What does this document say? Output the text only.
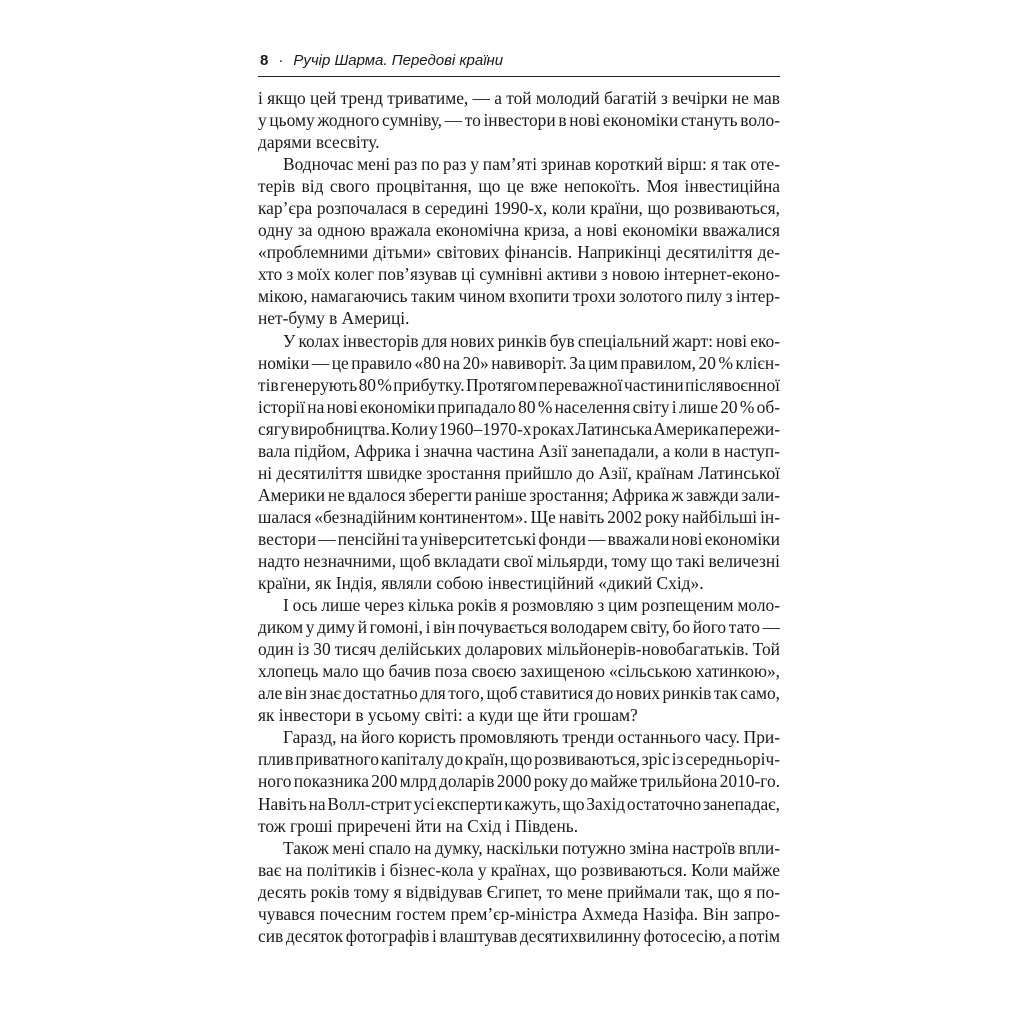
8 · Ручір Шарма. Передові країни

і якщо цей тренд триватиме, — а той молодий багатій з вечірки не мав
у цьому жодного сумніву, — то інвестори в нові економіки стануть воло-
дарями всесвіту.

Водночас мені раз по раз у пам’яті зринав короткий вірш: я так оте-
терів від свого процвітання, що це вже непокоїть. Моя інвестиційна
кар’єра розпочалася в середині 1990-х, коли країни, що розвиваються,
одну за одною вражала економічна криза, а нові економіки вважалися
«проблемними дітьми» світових фінансів. Наприкінці десятиліття де-
хто з моїх колег пов’язував ці сумнівні активи з новою інтернет-еконо-
мікою, намагаючись таким чином вхопити трохи золотого пилу з інтер-
нет-буму в Америці.

У колах інвесторів для нових ринків був спеціальний жарт: нові еко-
номіки — це правило «80 на 20» навиворіт. За цим правилом, 20 % клієн-
тів генерують 80 % прибутку. Протягом переважної частини післявоєнної
історії на нові економіки припадало 80 % населення світу і лише 20 % об-
сягу виробництва. Коли у 1960–1970-х роках Латинська Америка пережи-
вала підйом, Африка і значна частина Азії занепадали, а коли в наступ-
ні десятиліття швидке зростання прийшло до Азії, країнам Латинської
Америки не вдалося зберегти раніше зростання; Африка ж завжди зали-
шалася «безнадійним континентом». Ще навіть 2002 року найбільші ін-
вестори — пенсійні та університетські фонди — вважали нові економіки
надто незначними, щоб вкладати свої мільярди, тому що такі величезні
країни, як Індія, являли собою інвестиційний «дикий Схід».

І ось лише через кілька років я розмовляю з цим розпещеним моло-
диком у диму й гомоні, і він почувається володарем світу, бо його тато —
один із 30 тисяч делійських доларових мільйонерів-новобагатьків. Той
хлопець мало що бачив поза своєю захищеною «сільською хатинкою»,
але він знає достатньо для того, щоб ставитися до нових ринків так само,
як інвестори в усьому світі: а куди ще йти грошам?

Гаразд, на його користь промовляють тренди останнього часу. При-
плив приватного капіталу до країн, що розвиваються, зріс із середньоріч-
ного показника 200 млрд доларів 2000 року до майже трильйона 2010-го.
Навіть на Волл-стрит усі експерти кажуть, що Захід остаточно занепадає,
тож гроші приречені йти на Схід і Південь.

Також мені спало на думку, наскільки потужно зміна настроїв впли-
ває на політиків і бізнес-кола у країнах, що розвиваються. Коли майже
десять років тому я відвідував Єгипет, то мене приймали так, що я по-
чувався почесним гостем прем’єр-міністра Ахмеда Назіфа. Він запро-
сив десяток фотографів і влаштував десятихвилинну фотосесію, а потім
